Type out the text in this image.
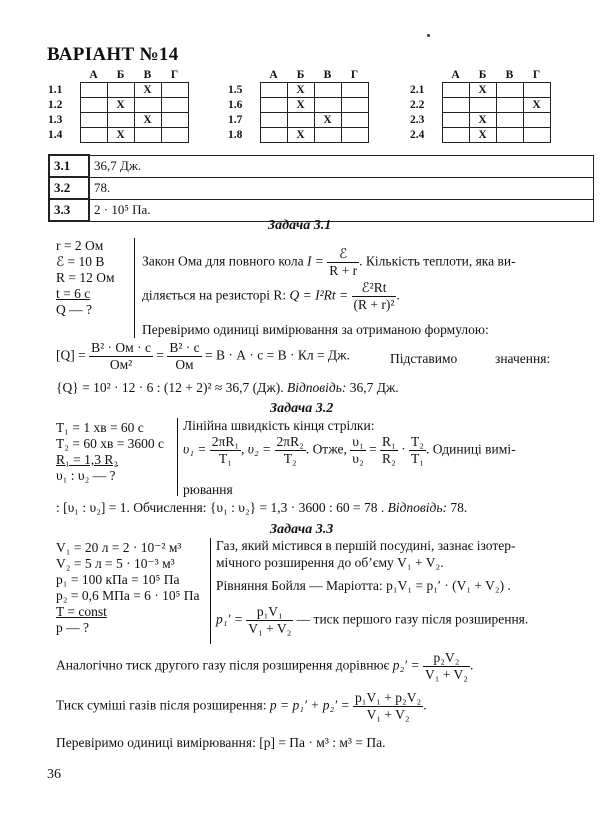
ВАРІАНТ №14
	А	Б	В	Г
1.1			X	
1.2		X		
1.3			X	
1.4		X		
	А	Б	В	Г
1.5		X		
1.6		X		
1.7			X	
1.8		X		
	А	Б	В	Г
2.1		X		
2.2				X
2.3		X		
2.4		X		
3.1	36,7 Дж.
3.2	78.
3.3	2 · 10⁵ Па.
Задача 3.1
r = 2 Ом
ℰ = 10 В
R = 12 Ом
t = 6 с
Q — ?
Закон Ома для повного кола $I = \frac{\text{ℰ}}{R + r}$ . Кількість теплоти, яка ви-
діляється на резисторі R: $Q = I^2Rt = \frac{\text{ℰ²Rt}}{\text{(R + r)²}}$ .
Перевіримо одиниці вимірювання за отриманою формулою:
$[Q] = \frac{\text{В² · Ом · с}}{\text{Ом²}} = \frac{\text{В² · с}}{Ом} = В \cdot А \cdot с = В$ · Кл = Дж.	Підставимо	значення:
{Q} = 10² · 12 · 6 : (12 + 2)² ≈ 36,7 (Дж). Відповідь: 36,7 Дж.
Задача 3.2
T₁ = 1 хв = 60 с
T₂ = 60 хв = 3600 с
R₁ = 1,3 R₂
υ₁ : υ₂ — ?
Лінійна швидкість кінця стрілки:
$\upsilon_1 = \frac{\text{2πR₁}}{\text{T₁}}$ , $\upsilon_2 = \frac{\text{2πR₂}}{\text{T₂}}$ . Отже, $\frac{\text{υ₁}}{\text{υ₂}} = \frac{\text{R₁}}{\text{R₂}} \cdot \frac{\text{T₂}}{\text{T₁}}$ . Одиниці вимі-
рювання
: [υ₁ : υ₂] = 1. Обчислення: {υ₁ : υ₂} = 1,3 · 3600 : 60 = 78 . Відповідь: 78.
Задача 3.3
V₁ = 20 л = 2 · 10⁻² м³
V₂ = 5 л = 5 · 10⁻³ м³
p₁ = 100 кПа = 10⁵ Па
p₂ = 0,6 МПа = 6 · 10⁵ Па
T = const
p — ?
Газ, який містився в першій посудині, зазнає ізотер-
мічного розширення до об’єму V₁ + V₂.
Рівняння Бойля — Маріотта: p₁V₁ = p₁′ · (V₁ + V₂) .
$p_1' = \frac{\text{p₁V₁}}{\text{V₁ + V₂}}$ — тиск першого газу після розширення.
Аналогічно тиск другого газу після розширення дорівнює $p_2' = \frac{\text{p₂V₂}}{\text{V₁ + V₂}}$ .
Тиск суміші газів після розширення: $p = p_1' + p_2' = \frac{\text{p₁V₁ + p₂V₂}}{\text{V₁ + V₂}}$ .
Перевіримо одиниці вимірювання: [p] = Па · м³ : м³ = Па.
36
